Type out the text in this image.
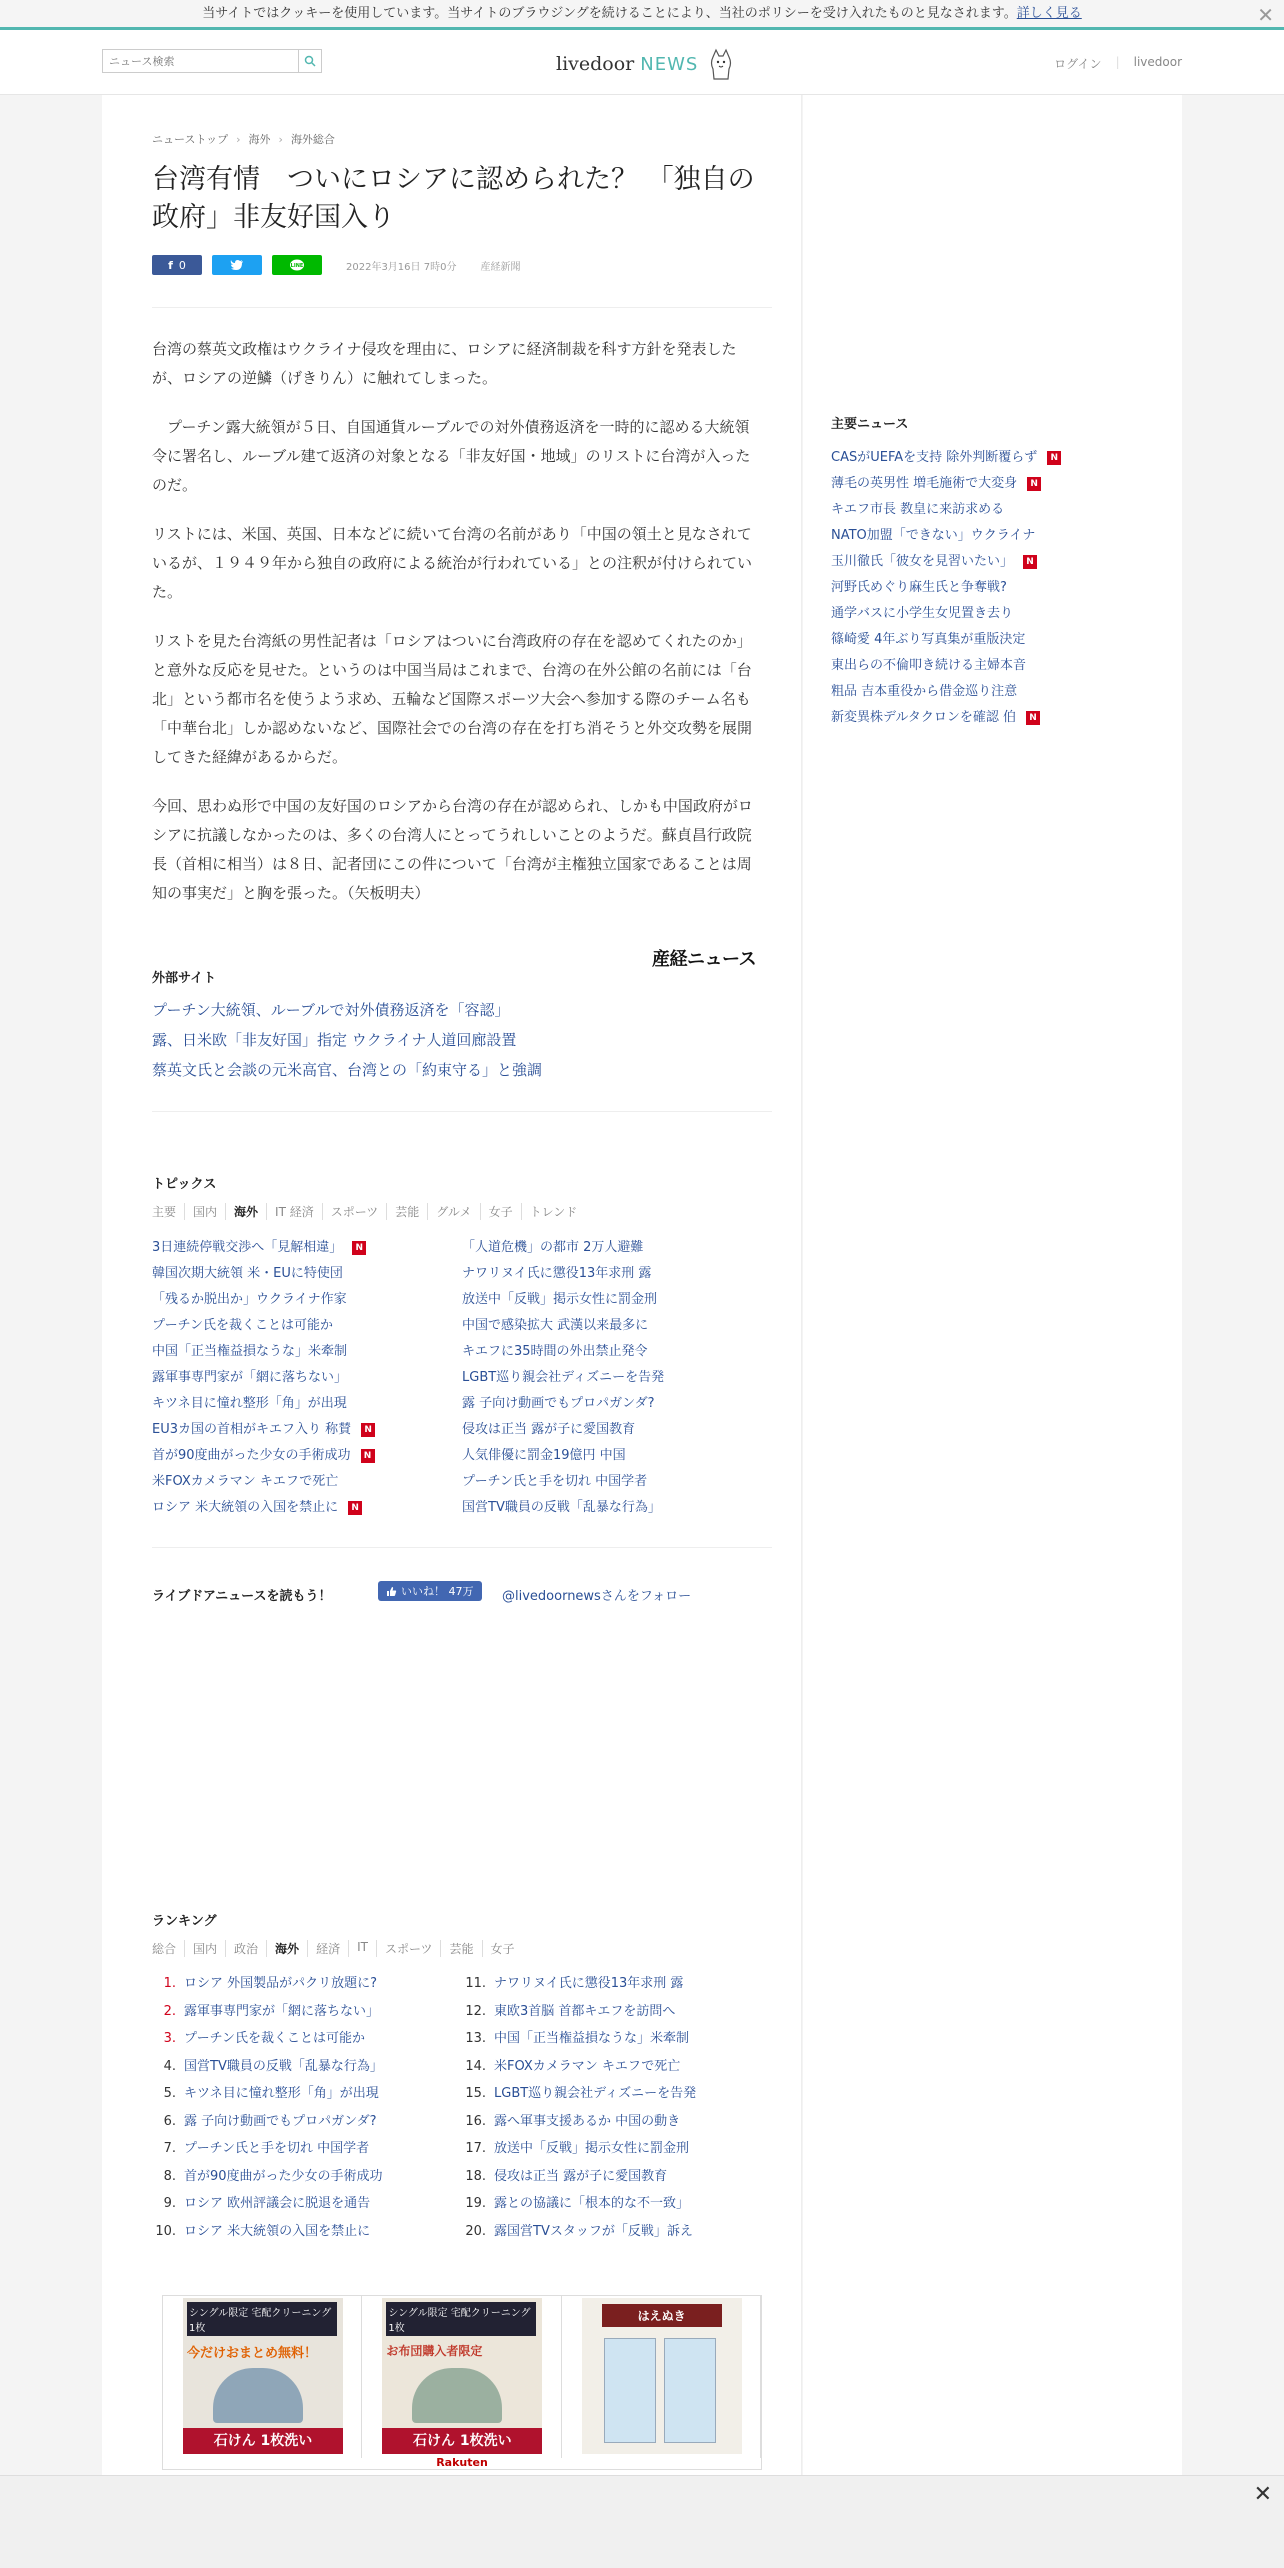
当サイトではクッキーを使用しています。当サイトのブラウジングを続けることにより、当社のポリシーを受け入れたものと見なされます。詳しく見る	✕
ニュース検索
livedoor NEWS	ログイン | livedoor
ニューストップ › 海外 › 海外総合
台湾有情　ついにロシアに認められた？ 「独自の政府」非友好国入り
f 0	LINE	2022年3月16日 7時0分 産経新聞

台湾の蔡英文政権はウクライナ侵攻を理由に、ロシアに経済制裁を科す方針を発表したが、ロシアの逆鱗（げきりん）に触れてしまった。

　プーチン露大統領が５日、自国通貨ルーブルでの対外債務返済を一時的に認める大統領令に署名し、ルーブル建て返済の対象となる「非友好国・地域」のリストに台湾が入ったのだ。

リストには、米国、英国、日本などに続いて台湾の名前があり「中国の領土と見なされているが、１９４９年から独自の政府による統治が行われている」との注釈が付けられていた。

リストを見た台湾紙の男性記者は「ロシアはついに台湾政府の存在を認めてくれたのか」と意外な反応を見せた。というのは中国当局はこれまで、台湾の在外公館の名前には「台北」という都市名を使うよう求め、五輪など国際スポーツ大会へ参加する際のチーム名も「中華台北」しか認めないなど、国際社会での台湾の存在を打ち消そうと外交攻勢を展開してきた経緯があるからだ。

今回、思わぬ形で中国の友好国のロシアから台湾の存在が認められ、しかも中国政府がロシアに抗議しなかったのは、多くの台湾人にとってうれしいことのようだ。蘇貞昌行政院長（首相に相当）は８日、記者団にこの件について「台湾が主権独立国家であることは周知の事実だ」と胸を張った。（矢板明夫）

産経ニュース
外部サイト
プーチン大統領、ルーブルで対外債務返済を「容認」
露、日米欧「非友好国」指定 ウクライナ人道回廊設置
蔡英文氏と会談の元米高官、台湾との「約束守る」と強調
トピックス
主要	国内	海外	IT 経済	スポーツ	芸能	グルメ	女子	トレンド
3日連続停戦交渉へ「見解相違」	N
韓国次期大統領 米・EUに特使団
「残るか脱出か」ウクライナ作家
プーチン氏を裁くことは可能か
中国「正当権益損なうな」米牽制
露軍事専門家が「網に落ちない」
キツネ目に憧れ整形「角」が出現
EU3カ国の首相がキエフ入り 称賛	N
首が90度曲がった少女の手術成功	N
米FOXカメラマン キエフで死亡
ロシア 米大統領の入国を禁止に	N
「人道危機」の都市 2万人避難
ナワリヌイ氏に懲役13年求刑 露
放送中「反戦」掲示女性に罰金刑
中国で感染拡大 武漢以来最多に
キエフに35時間の外出禁止発令
LGBT巡り親会社ディズニーを告発
露 子向け動画でもプロパガンダ?
侵攻は正当 露が子に愛国教育
人気俳優に罰金19億円 中国
プーチン氏と手を切れ 中国学者
国営TV職員の反戦「乱暴な行為」
ライブドアニュースを読もう！	いいね！ 47万 @livedoornewsさんをフォロー
ランキング
総合	国内	政治	海外	経済	IT	スポーツ	芸能	女子
1. ロシア 外国製品がパクリ放題に?
2. 露軍事専門家が「網に落ちない」
3. プーチン氏を裁くことは可能か
4. 国営TV職員の反戦「乱暴な行為」
5. キツネ目に憧れ整形「角」が出現
6. 露 子向け動画でもプロパガンダ?
7. プーチン氏と手を切れ 中国学者
8. 首が90度曲がった少女の手術成功
9. ロシア 欧州評議会に脱退を通告
10. ロシア 米大統領の入国を禁止に
11. ナワリヌイ氏に懲役13年求刑 露
12. 東欧3首脳 首都キエフを訪問へ
13. 中国「正当権益損なうな」米牽制
14. 米FOXカメラマン キエフで死亡
15. LGBT巡り親会社ディズニーを告発
16. 露へ軍事支援あるか 中国の動き
17. 放送中「反戦」掲示女性に罰金刑
18. 侵攻は正当 露が子に愛国教育
19. 露との協議に「根本的な不一致」
20. 露国営TVスタッフが「反戦」訴え
シングル限定 宅配クリーニング 1枚
今だけおまとめ無料！
石けん 1枚洗い
シングル限定 宅配クリーニング 1枚
お布団購入者限定
石けん 1枚洗い
はえぬき
Rakuten
主要ニュース
CASがUEFAを支持 除外判断覆らず	N
薄毛の英男性 増毛施術で大変身	N
キエフ市長 教皇に来訪求める
NATO加盟「できない」ウクライナ
玉川徹氏「彼女を見習いたい」	N
河野氏めぐり麻生氏と争奪戦?
通学バスに小学生女児置き去り
篠崎愛 4年ぶり写真集が重版決定
東出らの不倫叩き続ける主婦本音
粗品 吉本重役から借金巡り注意
新変異株デルタクロンを確認 伯	N
✕
